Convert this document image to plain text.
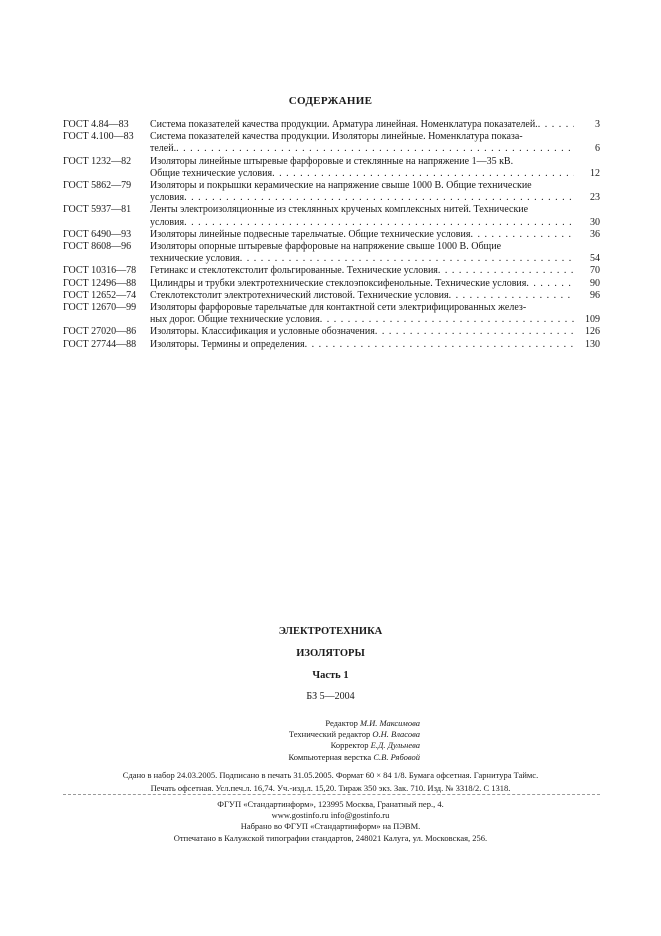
СОДЕРЖАНИЕ
ГОСТ 4.84—83	Система показателей качества продукции. Арматура линейная. Номенклатура показателей. . . .	3
ГОСТ 4.100—83	Система показателей качества продукции. Изоляторы линейные. Номенклатура показа-
телей. . . .	6
ГОСТ 1232—82	Изоляторы линейные штыревые фарфоровые и стеклянные на напряжение 1—35 кВ.
Общие технические условия . . .	12
ГОСТ 5862—79	Изоляторы и покрышки керамические на напряжение свыше 1000 В. Общие технические
условия . . .	23
ГОСТ 5937—81	Ленты электроизоляционные из стеклянных крученых комплексных нитей. Технические
условия . . .	30
ГОСТ 6490—93	Изоляторы линейные подвесные тарельчатые. Общие технические условия . . .	36
ГОСТ 8608—96	Изоляторы опорные штыревые фарфоровые на напряжение свыше 1000 В. Общие
технические условия . . .	54
ГОСТ 10316—78	Гетинакс и стеклотекстолит фольгированные. Технические условия . . .	70
ГОСТ 12496—88	Цилиндры и трубки электротехнические стеклоэпоксифенольные. Технические условия . . .	90
ГОСТ 12652—74	Стеклотекстолит электротехнический листовой. Технические условия . . .	96
ГОСТ 12670—99	Изоляторы фарфоровые тарельчатые для контактной сети электрифицированных желез-
ных дорог. Общие технические условия . . .	109
ГОСТ 27020—86	Изоляторы. Классификация и условные обозначения . . .	126
ГОСТ 27744—88	Изоляторы. Термины и определения . . .	130
ЭЛЕКТРОТЕХНИКА
ИЗОЛЯТОРЫ
Часть 1
БЗ 5—2004
Редактор М.И. Максимова
Технический редактор О.Н. Власова
Корректор Е.Д. Дульнева
Компьютерная верстка С.В. Рябовой
Сдано в набор 24.03.2005. Подписано в печать 31.05.2005. Формат 60 × 84 1/8. Бумага офсетная. Гарнитура Таймс.
Печать офсетная. Усл.печ.л. 16,74. Уч.-изд.л. 15,20. Тираж 350 экз. Зак. 710. Изд. № 3318/2. С 1318.
ФГУП «Стандартинформ», 123995 Москва, Гранатный пер., 4.
www.gostinfo.ru info@gostinfo.ru
Набрано во ФГУП «Стандартинформ» на ПЭВМ.
Отпечатано в Калужской типографии стандартов, 248021 Калуга, ул. Московская, 256.
